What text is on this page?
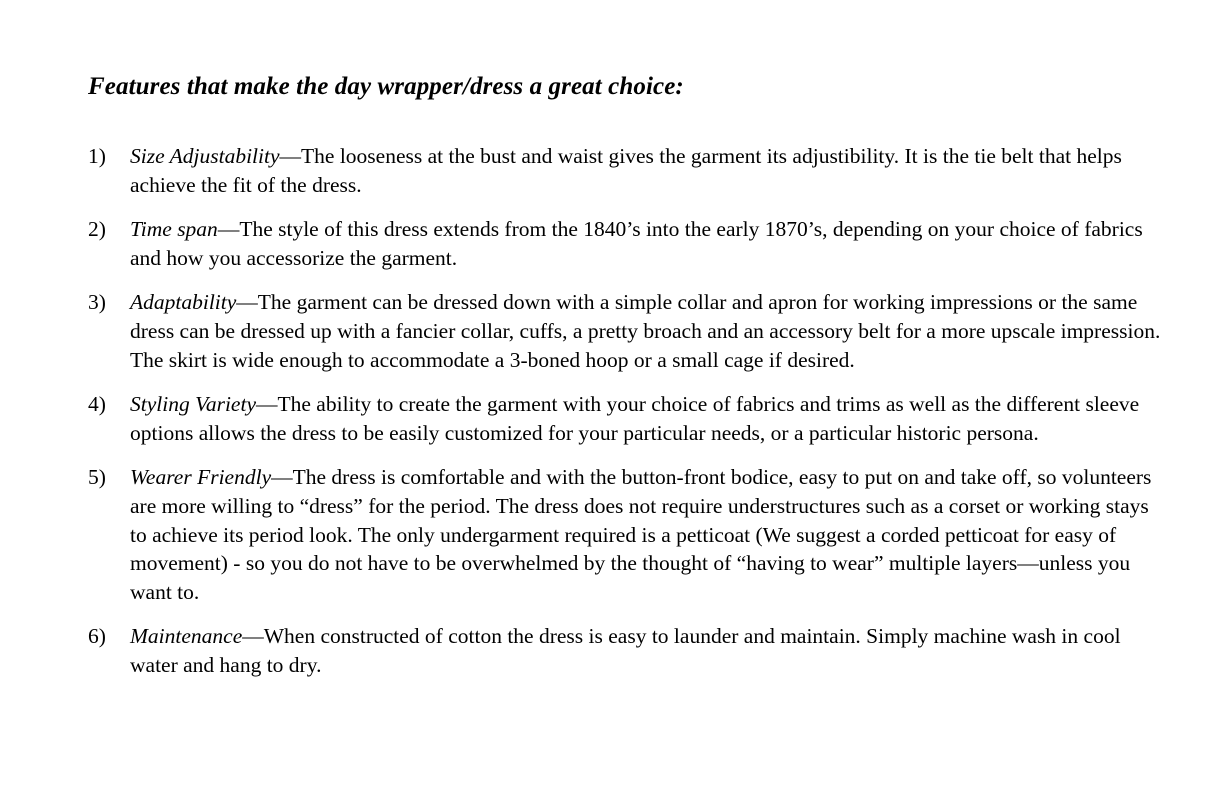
Features that make the day wrapper/dress a great choice:
1)	Size Adjustability—The looseness at the bust and waist gives the garment its adjustibility. It is the tie belt that helps achieve the fit of the dress.
2)	Time span—The style of this dress extends from the 1840’s into the early 1870’s, depending on your choice of fabrics and how you accessorize the garment.
3)	Adaptability—The garment can be dressed down with a simple collar and apron for working impressions or the same dress can be dressed up with a fancier collar, cuffs, a pretty broach and an accessory belt for a more upscale impression. The skirt is wide enough to accommodate a 3-boned hoop or a small cage if desired.
4)	Styling Variety—The ability to create the garment with your choice of fabrics and trims as well as the different sleeve options allows the dress to be easily customized for your particular needs, or a particular historic persona.
5)	Wearer Friendly—The dress is comfortable and with the button-front bodice, easy to put on and take off, so volunteers are more willing to “dress” for the period. The dress does not require understructures such as a corset or working stays to achieve its period look. The only undergarment required is a petticoat (We suggest a corded petticoat for easy of movement) - so you do not have to be overwhelmed by the thought of “having to wear” multiple layers—unless you want to.
6)	Maintenance—When constructed of cotton the dress is easy to launder and maintain. Simply machine wash in cool water and hang to dry.
